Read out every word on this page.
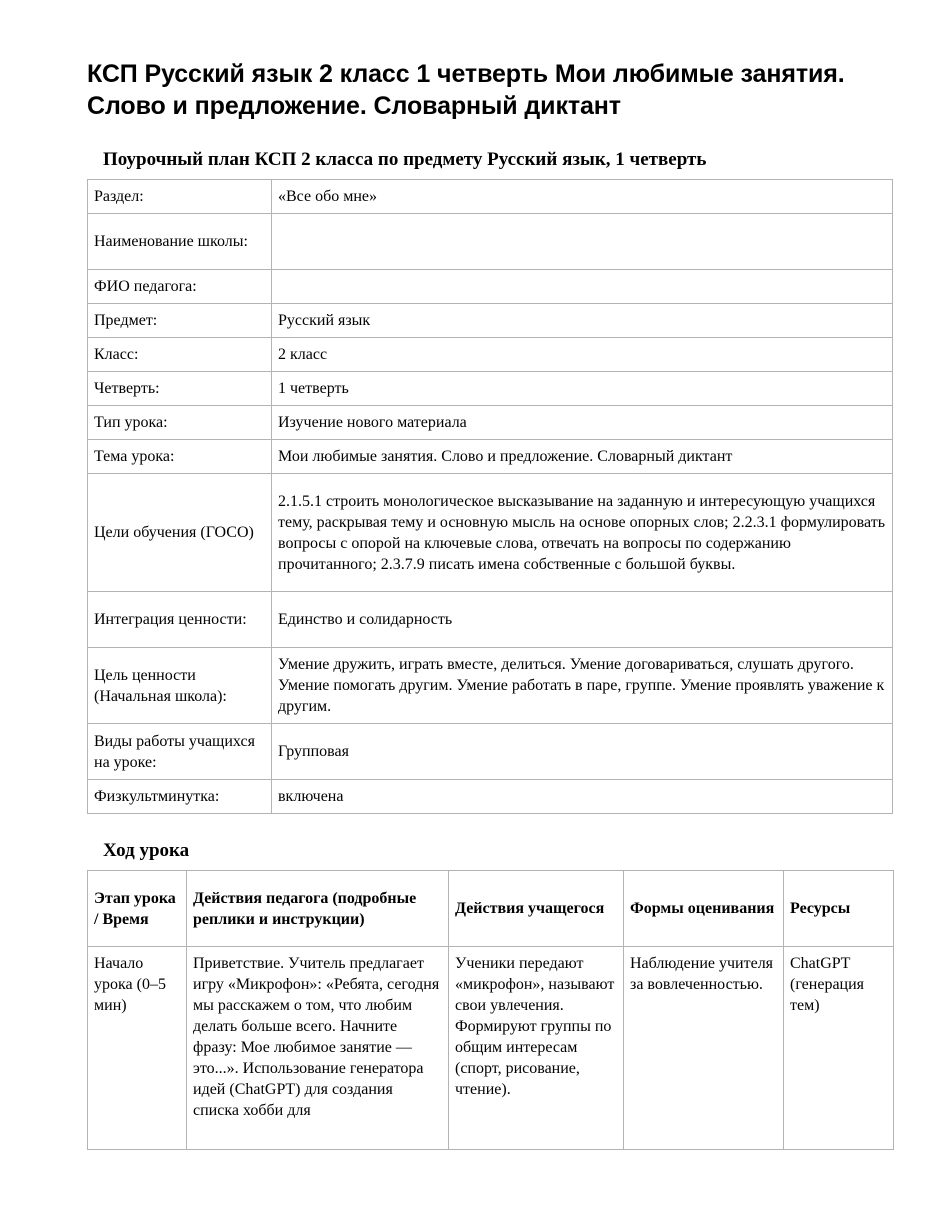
КСП Русский язык 2 класс 1 четверть Мои любимые занятия. Слово и предложение. Словарный диктант
Поурочный план КСП 2 класса по предмету Русский язык, 1 четверть
Раздел:	«Все обо мне»
Наименование школы:	
ФИО педагога:	
Предмет:	Русский язык
Класс:	2 класс
Четверть:	1 четверть
Тип урока:	Изучение нового материала
Тема урока:	Мои любимые занятия. Слово и предложение. Словарный диктант
Цели обучения (ГОСО)	2.1.5.1 строить монологическое высказывание на заданную и интересующую учащихся тему, раскрывая тему и основную мысль на основе опорных слов; 2.2.3.1 формулировать вопросы с опорой на ключевые слова, отвечать на вопросы по содержанию прочитанного; 2.3.7.9 писать имена собственные с большой буквы.
Интеграция ценности:	Единство и солидарность
Цель ценности (Начальная школа):	Умение дружить, играть вместе, делиться. Умение договариваться, слушать другого. Умение помогать другим. Умение работать в паре, группе. Умение проявлять уважение к другим.
Виды работы учащихся на уроке:	Групповая
Физкультминутка:	включена
Ход урока
Этап урока / Время	Действия педагога (подробные реплики и инструкции)	Действия учащегося	Формы оценивания	Ресурсы
Начало урока (0–5 мин)	Приветствие. Учитель предлагает игру «Микрофон»: «Ребята, сегодня мы расскажем о том, что любим делать больше всего. Начните фразу: Мое любимое занятие — это...». Использование генератора идей (ChatGPT) для создания списка хобби для	Ученики передают «микрофон», называют свои увлечения. Формируют группы по общим интересам (спорт, рисование, чтение).	Наблюдение учителя за вовлеченностью.	ChatGPT (генерация тем)
